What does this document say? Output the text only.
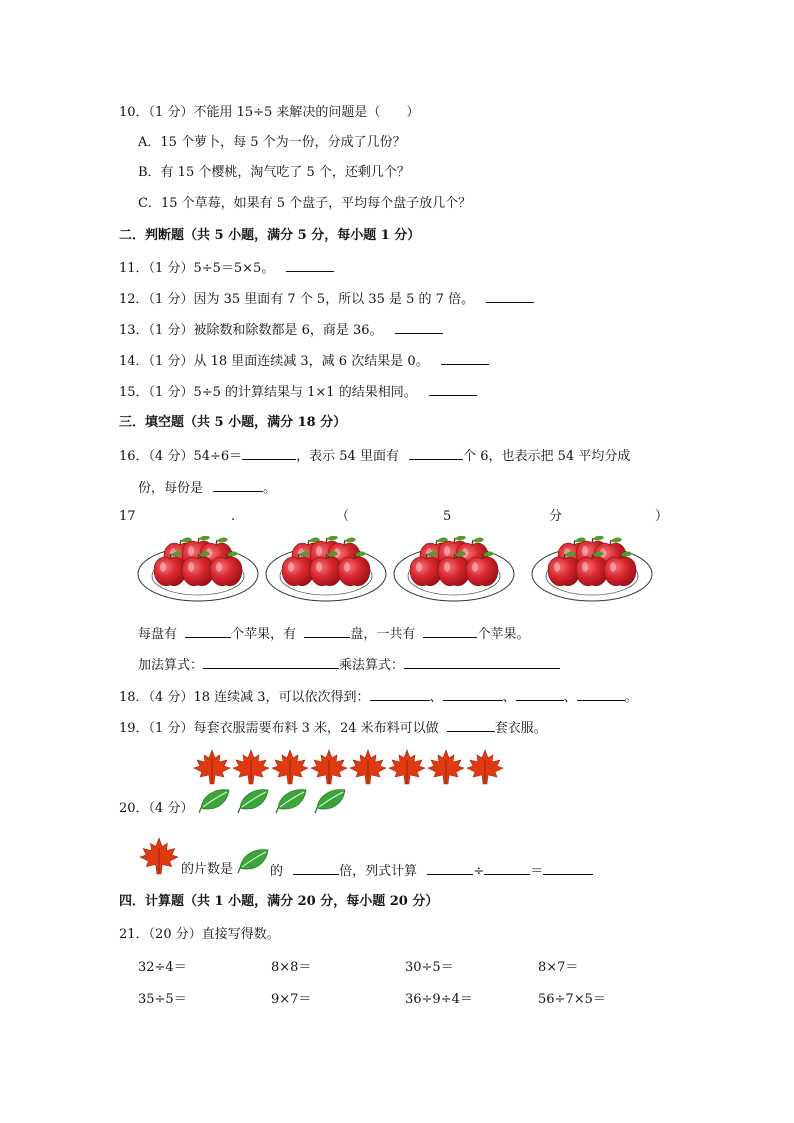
10．（1 分）不能用 15÷5 来解决的问题是（　　）
A．15 个萝卜，每 5 个为一份，分成了几份？
B．有 15 个樱桃，淘气吃了 5 个，还剩几个？
C．15 个草莓，如果有 5 个盘子，平均每个盘子放几个？
二．判断题（共 5 小题，满分 5 分，每小题 1 分）
11．（1 分）5÷5＝5×5。
12．（1 分）因为 35 里面有 7 个 5，所以 35 是 5 的 7 倍。
13．（1 分）被除数和除数都是 6，商是 36。
14．（1 分）从 18 里面连续减 3，减 6 次结果是 0。
15．（1 分）5÷5 的计算结果与 1×1 的结果相同。
三．填空题（共 5 小题，满分 18 分）
16．（4 分）54÷6＝	，表示 54 里面有	个 6，也表示把 54 平均分成
份，每份是	。
17	.	（	5	分	）
每盘有	个苹果，有	盘，一共有	个苹果。
加法算式：	乘法算式：
18．（4 分）18 连续减 3，可以依次得到：	、	、	、	。
19．（1 分）每套衣服需要布料 3 米，24 米布料可以做	套衣服。
20．（4 分）
的片数是	的	倍，列式计算	÷	＝
四．计算题（共 1 小题，满分 20 分，每小题 20 分）
21．（20 分）直接写得数。
32÷4＝	8×8＝	30÷5＝	8×7＝
35÷5＝	9×7＝	36÷9÷4＝	56÷7×5＝
